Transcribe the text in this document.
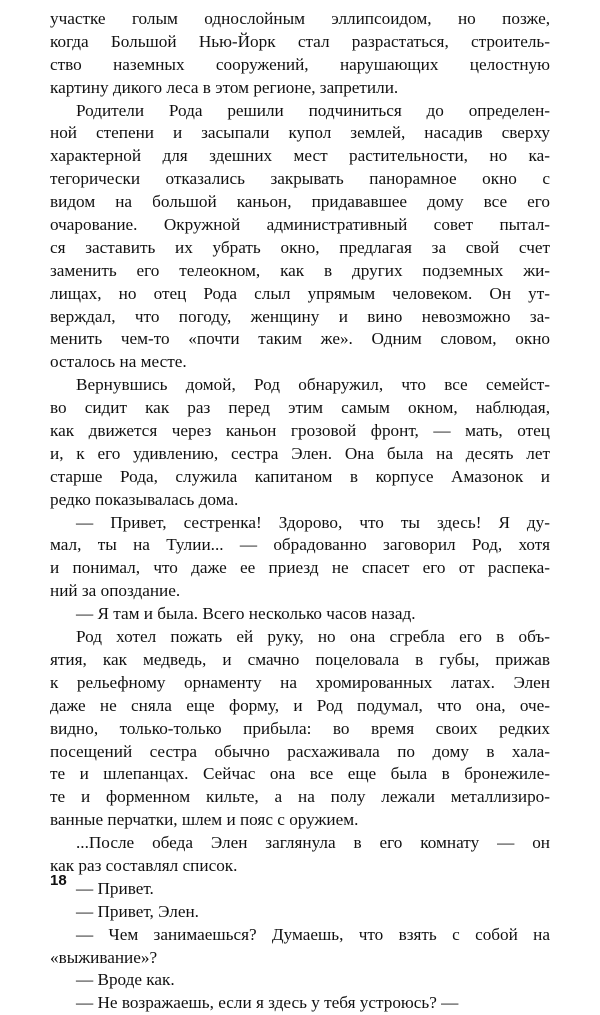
участке голым однослойным эллипсоидом, но позже,
когда Большой Нью-Йорк стал разрастаться, строитель-
ство наземных сооружений, нарушающих целостную
картину дикого леса в этом регионе, запретили.
Родители Рода решили подчиниться до определен-
ной степени и засыпали купол землей, насадив сверху
характерной для здешних мест растительности, но ка-
тегорически отказались закрывать панорамное окно с
видом на большой каньон, придававшее дому все его
очарование. Окружной административный совет пытал-
ся заставить их убрать окно, предлагая за свой счет
заменить его телеокном, как в других подземных жи-
лищах, но отец Рода слыл упрямым человеком. Он ут-
верждал, что погоду, женщину и вино невозможно за-
менить чем-то «почти таким же». Одним словом, окно
осталось на месте.
Вернувшись домой, Род обнаружил, что все семейст-
во сидит как раз перед этим самым окном, наблюдая,
как движется через каньон грозовой фронт, — мать, отец
и, к его удивлению, сестра Элен. Она была на десять лет
старше Рода, служила капитаном в корпусе Амазонок и
редко показывалась дома.
— Привет, сестренка! Здорово, что ты здесь! Я ду-
мал, ты на Тулии... — обрадованно заговорил Род, хотя
и понимал, что даже ее приезд не спасет его от распека-
ний за опоздание.
— Я там и была. Всего несколько часов назад.
Род хотел пожать ей руку, но она сгребла его в объ-
ятия, как медведь, и смачно поцеловала в губы, прижав
к рельефному орнаменту на хромированных латах. Элен
даже не сняла еще форму, и Род подумал, что она, оче-
видно, только-только прибыла: во время своих редких
посещений сестра обычно расхаживала по дому в хала-
те и шлепанцах. Сейчас она все еще была в бронежиле-
те и форменном кильте, а на полу лежали металлизиро-
ванные перчатки, шлем и пояс с оружием.
...После обеда Элен заглянула в его комнату — он
как раз составлял список.
— Привет.
— Привет, Элен.
— Чем занимаешься? Думаешь, что взять с собой на
«выживание»?
— Вроде как.
— Не возражаешь, если я здесь у тебя устроюсь? —
18
